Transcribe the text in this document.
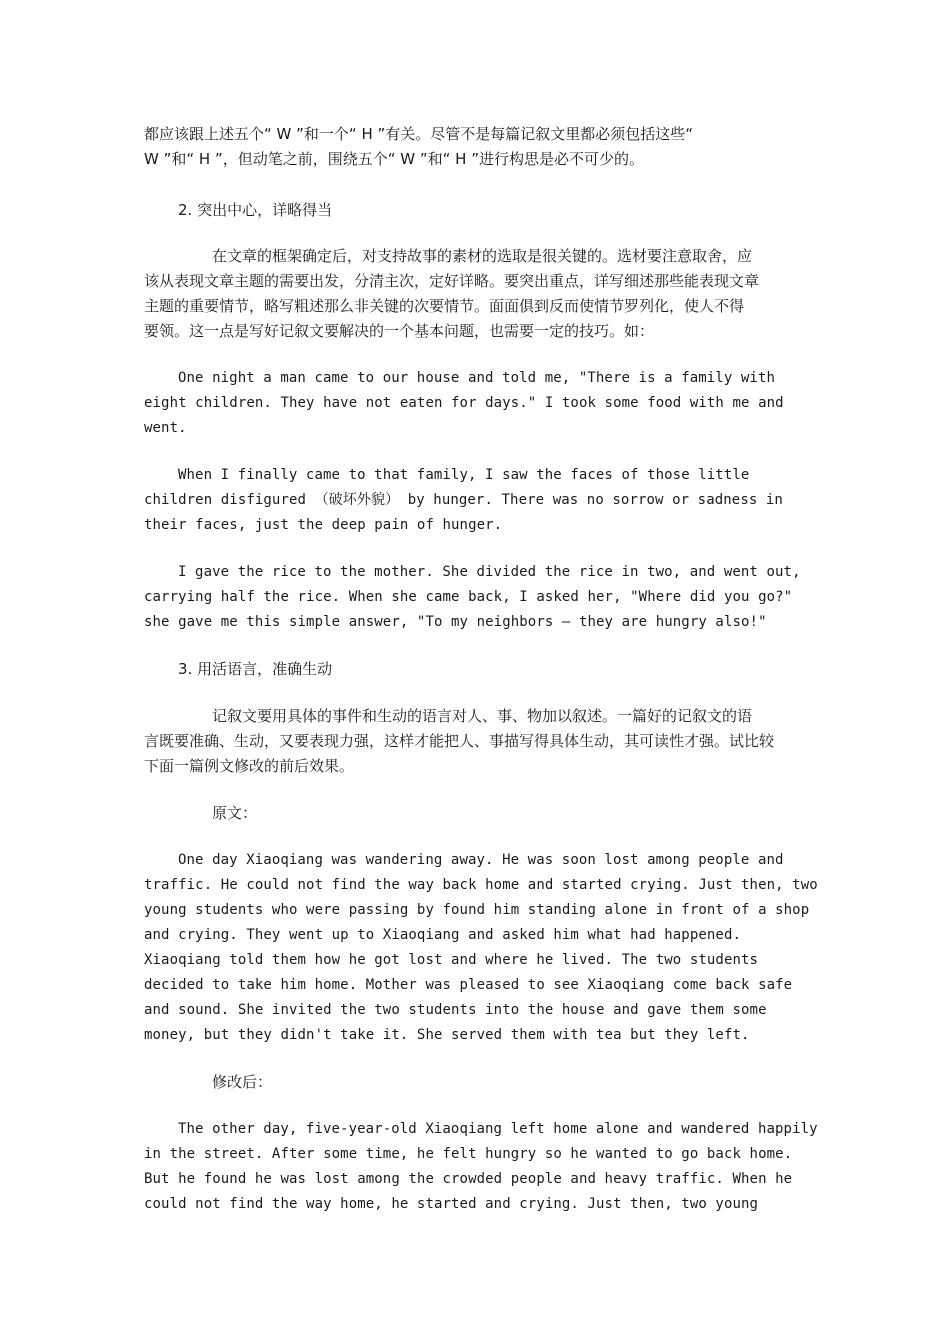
都应该跟上述五个“ W ”和一个“ H ”有关。尽管不是每篇记叙文里都必须包括这些“
W ”和“ H ”，但动笔之前，围绕五个“ W ”和“ H ”进行构思是必不可少的。
2. 突出中心，详略得当
在文章的框架确定后，对支持故事的素材的选取是很关键的。选材要注意取舍，应
该从表现文章主题的需要出发，分清主次，定好详略。要突出重点，详写细述那些能表现文章
主题的重要情节，略写粗述那么非关键的次要情节。面面俱到反而使情节罗列化，使人不得
要领。这一点是写好记叙文要解决的一个基本问题，也需要一定的技巧。如：
One night a man came to our house and told me, "There is a family with
eight children. They have not eaten for days." I took some food with me and
went.
When I finally came to that family, I saw the faces of those little
children disfigured （破坏外貌） by hunger. There was no sorrow or sadness in
their faces, just the deep pain of hunger.
I gave the rice to the mother. She divided the rice in two, and went out,
carrying half the rice. When she came back, I asked her, "Where did you go?"
she gave me this simple answer, "To my neighbors — they are hungry also!"
3. 用活语言，准确生动
记叙文要用具体的事件和生动的语言对人、事、物加以叙述。一篇好的记叙文的语
言既要准确、生动，又要表现力强，这样才能把人、事描写得具体生动，其可读性才强。试比较
下面一篇例文修改的前后效果。
原文：
One day Xiaoqiang was wandering away. He was soon lost among people and
traffic. He could not find the way back home and started crying. Just then, two
young students who were passing by found him standing alone in front of a shop
and crying. They went up to Xiaoqiang and asked him what had happened.
Xiaoqiang told them how he got lost and where he lived. The two students
decided to take him home. Mother was pleased to see Xiaoqiang come back safe
and sound. She invited the two students into the house and gave them some
money, but they didn't take it. She served them with tea but they left.
修改后：
The other day, five-year-old Xiaoqiang left home alone and wandered happily
in the street. After some time, he felt hungry so he wanted to go back home.
But he found he was lost among the crowded people and heavy traffic. When he
could not find the way home, he started and crying. Just then, two young
